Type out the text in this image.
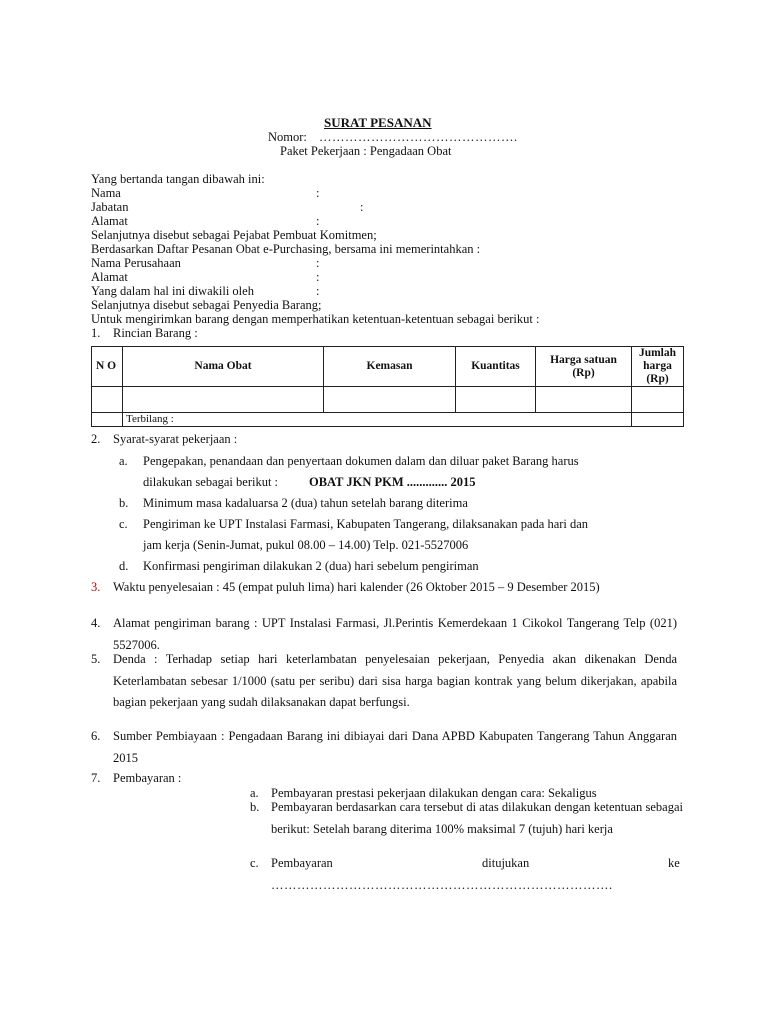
SURAT PESANAN
Nomor: ……………………………………….
Paket Pekerjaan : Pengadaan Obat
Yang bertanda tangan dibawah ini:
Nama	:
Jabatan	:
Alamat	:
Selanjutnya disebut sebagai Pejabat Pembuat Komitmen;
Berdasarkan Daftar Pesanan Obat e-Purchasing, bersama ini memerintahkan :
Nama Perusahaan	:
Alamat	:
Yang dalam hal ini diwakili oleh	:
Selanjutnya disebut sebagai Penyedia Barang;
Untuk mengirimkan barang dengan memperhatikan ketentuan-ketentuan sebagai berikut :
1. Rincian Barang :
N O	Nama Obat	Kemasan	Kuantitas	Harga satuan (Rp)	Jumlah harga (Rp)

	Terbilang :				
2. Syarat-syarat pekerjaan :
a. Pengepakan, penandaan dan penyertaan dokumen dalam dan diluar paket Barang harus
dilakukan sebagai berikut : OBAT JKN PKM ............. 2015
b. Minimum masa kadaluarsa 2 (dua) tahun setelah barang diterima
c. Pengiriman ke UPT Instalasi Farmasi, Kabupaten Tangerang, dilaksanakan pada hari dan
jam kerja (Senin-Jumat, pukul 08.00 – 14.00) Telp. 021-5527006
d. Konfirmasi pengiriman dilakukan 2 (dua) hari sebelum pengiriman
3. Waktu penyelesaian : 45 (empat puluh lima) hari kalender (26 Oktober 2015 – 9 Desember 2015)
4. Alamat pengiriman barang : UPT Instalasi Farmasi, Jl.Perintis Kemerdekaan 1 Cikokol Tangerang Telp (021) 5527006.
5. Denda : Terhadap setiap hari keterlambatan penyelesaian pekerjaan, Penyedia akan dikenakan Denda Keterlambatan sebesar 1/1000 (satu per seribu) dari sisa harga bagian kontrak yang belum dikerjakan, apabila bagian pekerjaan yang sudah dilaksanakan dapat berfungsi.
6. Sumber Pembiayaan : Pengadaan Barang ini dibiayai dari Dana APBD Kabupaten Tangerang Tahun Anggaran 2015
7. Pembayaran :
a. Pembayaran prestasi pekerjaan dilakukan dengan cara: Sekaligus
b. Pembayaran berdasarkan cara tersebut di atas dilakukan dengan ketentuan sebagai berikut: Setelah barang diterima 100% maksimal 7 (tujuh) hari kerja
c. Pembayaran	ditujukan	ke
…………………………………………………………………….
